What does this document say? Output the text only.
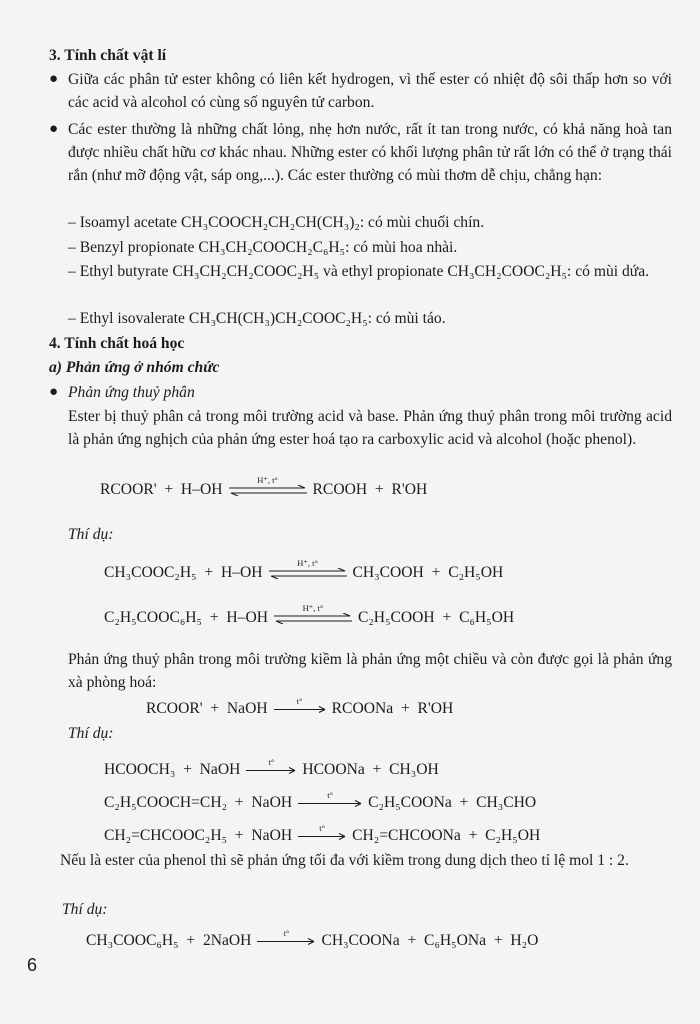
3. Tính chất vật lí
● Giữa các phân tử ester không có liên kết hydrogen, vì thế ester có nhiệt độ sôi thấp hơn so với các acid và alcohol có cùng số nguyên tử carbon.
● Các ester thường là những chất lỏng, nhẹ hơn nước, rất ít tan trong nước, có khả năng hoà tan được nhiều chất hữu cơ khác nhau. Những ester có khối lượng phân tử rất lớn có thể ở trạng thái rắn (như mỡ động vật, sáp ong,...). Các ester thường có mùi thơm dễ chịu, chẳng hạn:
– Isoamyl acetate CH₃COOCH₂CH₂CH(CH₃)₂: có mùi chuối chín.
– Benzyl propionate CH₃CH₂COOCH₂C₆H₅: có mùi hoa nhài.
– Ethyl butyrate CH₃CH₂CH₂COOC₂H₅ và ethyl propionate CH₃CH₂COOC₂H₅: có mùi dứa.
– Ethyl isovalerate CH₃CH(CH₃)CH₂COOC₂H₅: có mùi táo.
4. Tính chất hoá học
a) Phản ứng ở nhóm chức
● Phản ứng thuỷ phân
Ester bị thuỷ phân cả trong môi trường acid và base. Phản ứng thuỷ phân trong môi trường acid là phản ứng nghịch của phản ứng ester hoá tạo ra carboxylic acid và alcohol (hoặc phenol).
RCOOR'  +  H–OH
H⁺, t°
RCOOH  +  R'OH
Thí dụ:
CH₃COOC₂H₅  +  H–OH
H⁺, t°
CH₃COOH  +  C₂H₅OH
C₂H₅COOC₆H₅  +  H–OH
H⁺, t°
C₂H₅COOH  +  C₆H₅OH
Phản ứng thuỷ phân trong môi trường kiềm là phản ứng một chiều và còn được gọi là phản ứng xà phòng hoá:
RCOOR'  +  NaOH	t° RCOONa  +  R'OH
Thí dụ:
HCOOCH₃  +  NaOH	t° HCOONa  +  CH₃OH
C₂H₅COOCH=CH₂  +  NaOH	t° C₂H₅COONa  +  CH₃CHO
CH₂=CHCOOC₂H₅  +  NaOH	t° CH₂=CHCOONa  +  C₂H₅OH
Nếu là ester của phenol thì sẽ phản ứng tối đa với kiềm trong dung dịch theo tỉ lệ mol 1 : 2.
Thí dụ:
CH₃COOC₆H₅  +  2NaOH	t° CH₃COONa  +  C₆H₅ONa  +  H₂O
6
